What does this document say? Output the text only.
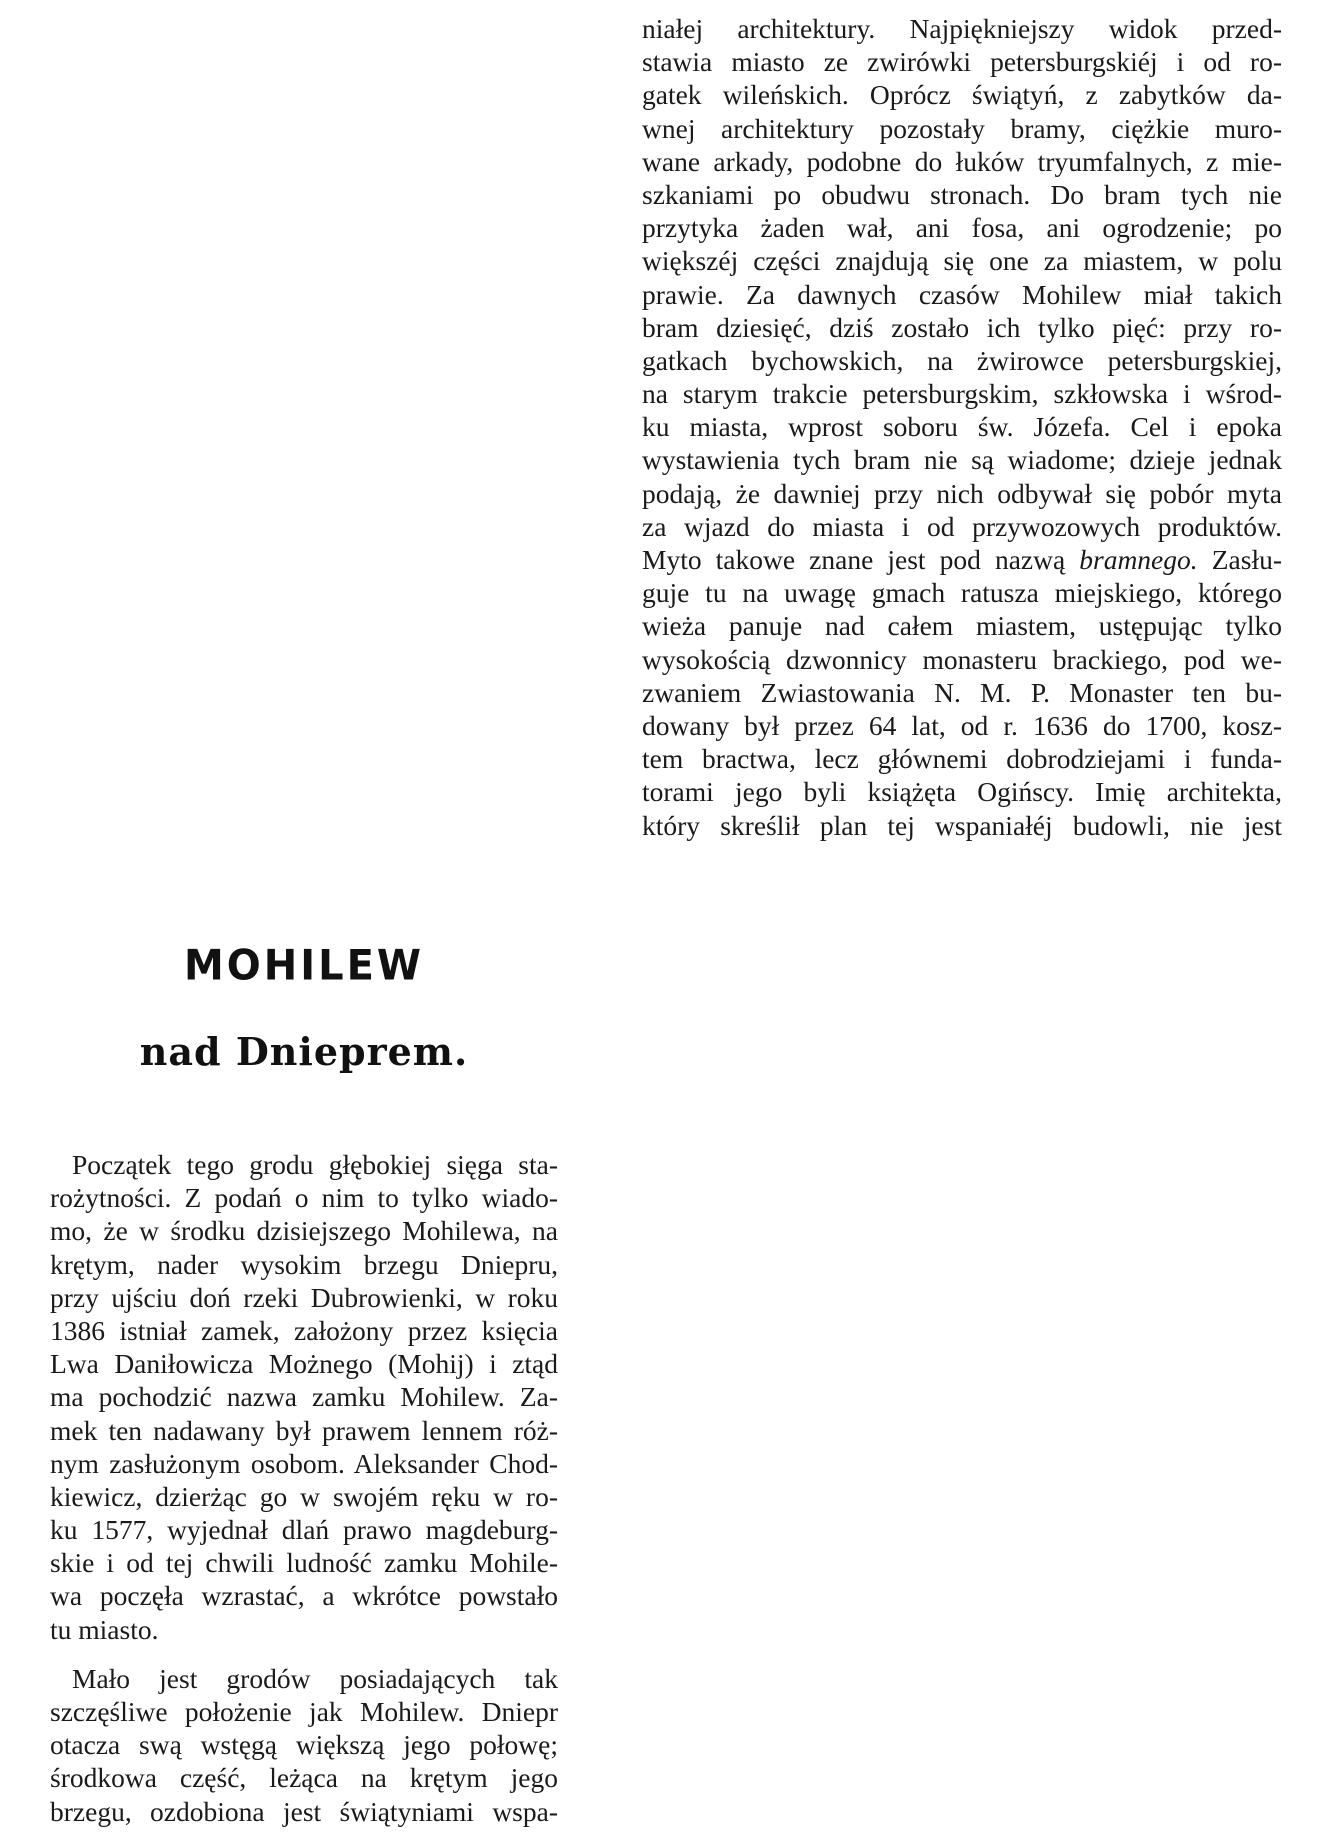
niałej architektury. Najpiękniejszy widok przed-
stawia miasto ze zwirówki petersburgskiéj i od ro-
gatek wileńskich. Oprócz świątyń, z zabytków da-
wnej architektury pozostały bramy, ciężkie muro-
wane arkady, podobne do łuków tryumfalnych, z mie-
szkaniami po obudwu stronach. Do bram tych nie
przytyka żaden wał, ani fosa, ani ogrodzenie; po
większéj części znajdują się one za miastem, w polu
prawie. Za dawnych czasów Mohilew miał takich
bram dziesięć, dziś zostało ich tylko pięć: przy ro-
gatkach bychowskich, na żwirowce petersburgskiej,
na starym trakcie petersburgskim, szkłowska i wśrod-
ku miasta, wprost soboru św. Józefa. Cel i epoka
wystawienia tych bram nie są wiadome; dzieje jednak
podają, że dawniej przy nich odbywał się pobór myta
za wjazd do miasta i od przywozowych produktów.
Myto takowe znane jest pod nazwą bramnego. Zasłu-
guje tu na uwagę gmach ratusza miejskiego, którego
wieża panuje nad całem miastem, ustępując tylko
wysokością dzwonnicy monasteru brackiego, pod we-
zwaniem Zwiastowania N. M. P. Monaster ten bu-
dowany był przez 64 lat, od r. 1636 do 1700, kosz-
tem bractwa, lecz głównemi dobrodziejami i funda-
torami jego byli książęta Ogińscy. Imię architekta,
który skreślił plan tej wspaniałéj budowli, nie jest
MOHILEW
nad Dnieprem.
Początek tego grodu głębokiej sięga sta-
rożytności. Z podań o nim to tylko wiado-
mo, że w środku dzisiejszego Mohilewa, na
krętym, nader wysokim brzegu Dniepru,
przy ujściu doń rzeki Dubrowienki, w roku
1386 istniał zamek, założony przez księcia
Lwa Daniłowicza Możnego (Mohij) i ztąd
ma pochodzić nazwa zamku Mohilew. Za-
mek ten nadawany był prawem lennem róż-
nym zasłużonym osobom. Aleksander Chod-
kiewicz, dzierżąc go w swojém ręku w ro-
ku 1577, wyjednał dlań prawo magdeburg-
skie i od tej chwili ludność zamku Mohile-
wa poczęła wzrastać, a wkrótce powstało
tu miasto.
Mało jest grodów posiadających tak
szczęśliwe położenie jak Mohilew. Dniepr
otacza swą wstęgą większą jego połowę;
środkowa część, leżąca na krętym jego
brzegu, ozdobiona jest świątyniami wspa-
